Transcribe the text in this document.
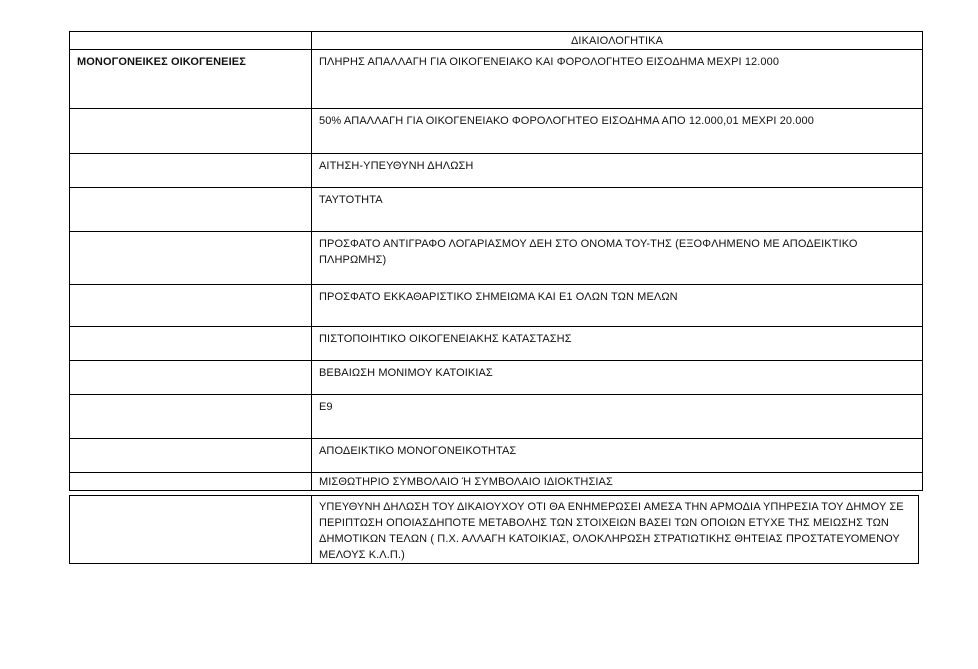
	ΔΙΚΑΙΟΛΟΓΗΤΙΚΑ
ΜΟΝΟΓΟΝΕΙΚΕΣ ΟΙΚΟΓΕΝΕΙΕΣ	ΠΛΗΡΗΣ ΑΠΑΛΛΑΓΗ ΓΙΑ ΟΙΚΟΓΕΝΕΙΑΚΟ ΚΑΙ ΦΟΡΟΛΟΓΗΤΕΟ ΕΙΣΟΔΗΜΑ ΜΕΧΡΙ 12.000
	50% ΑΠΑΛΛΑΓΗ ΓΙΑ ΟΙΚΟΓΕΝΕΙΑΚΟ ΦΟΡΟΛΟΓΗΤΕΟ ΕΙΣΟΔΗΜΑ ΑΠΟ 12.000,01 ΜΕΧΡΙ 20.000
	ΑΙΤΗΣΗ-ΥΠΕΥΘΥΝΗ ΔΗΛΩΣΗ
	ΤΑΥΤΟΤΗΤΑ
	ΠΡΟΣΦΑΤΟ ΑΝΤΙΓΡΑΦΟ ΛΟΓΑΡΙΑΣΜΟΥ ΔΕΗ ΣΤΟ ΟΝΟΜΑ ΤΟΥ-ΤΗΣ (ΕΞΟΦΛΗΜΕΝΟ ΜΕ ΑΠΟΔΕΙΚΤΙΚΟ ΠΛΗΡΩΜΗΣ)
	ΠΡΟΣΦΑΤΟ ΕΚΚΑΘΑΡΙΣΤΙΚΟ ΣΗΜΕΙΩΜΑ ΚΑΙ Ε1 ΟΛΩΝ ΤΩΝ ΜΕΛΩΝ
	ΠΙΣΤΟΠΟΙΗΤΙΚΟ ΟΙΚΟΓΕΝΕΙΑΚΗΣ ΚΑΤΑΣΤΑΣΗΣ
	ΒΕΒΑΙΩΣΗ ΜΟΝΙΜΟΥ ΚΑΤΟΙΚΙΑΣ
	Ε9
	ΑΠΟΔΕΙΚΤΙΚΟ ΜΟΝΟΓΟΝΕΙΚΟΤΗΤΑΣ
	ΜΙΣΘΩΤΗΡΙΟ ΣΥΜΒΟΛΑΙΟ Ή ΣΥΜΒΟΛΑΙΟ ΙΔΙΟΚΤΗΣΙΑΣ
	ΥΠΕΥΘΥΝΗ ΔΗΛΩΣΗ ΤΟΥ ΔΙΚΑΙΟΥΧΟΥ ΟΤΙ ΘΑ ΕΝΗΜΕΡΩΣΕΙ ΑΜΕΣΑ ΤΗΝ ΑΡΜΟΔΙΑ ΥΠΗΡΕΣΙΑ ΤΟΥ ΔΗΜΟΥ ΣΕ ΠΕΡΙΠΤΩΣΗ ΟΠΟΙΑΣΔΗΠΟΤΕ ΜΕΤΑΒΟΛΗΣ ΤΩΝ ΣΤΟΙΧΕΙΩΝ ΒΑΣΕΙ ΤΩΝ ΟΠΟΙΩΝ ΕΤΥΧΕ ΤΗΣ ΜΕΙΩΣΗΣ ΤΩΝ ΔΗΜΟΤΙΚΩΝ ΤΕΛΩΝ ( Π.Χ. ΑΛΛΑΓΗ ΚΑΤΟΙΚΙΑΣ, ΟΛΟΚΛΗΡΩΣΗ ΣΤΡΑΤΙΩΤΙΚΗΣ ΘΗΤΕΙΑΣ ΠΡΟΣΤΑΤΕΥΟΜΕΝΟΥ ΜΕΛΟΥΣ Κ.Λ.Π.)
